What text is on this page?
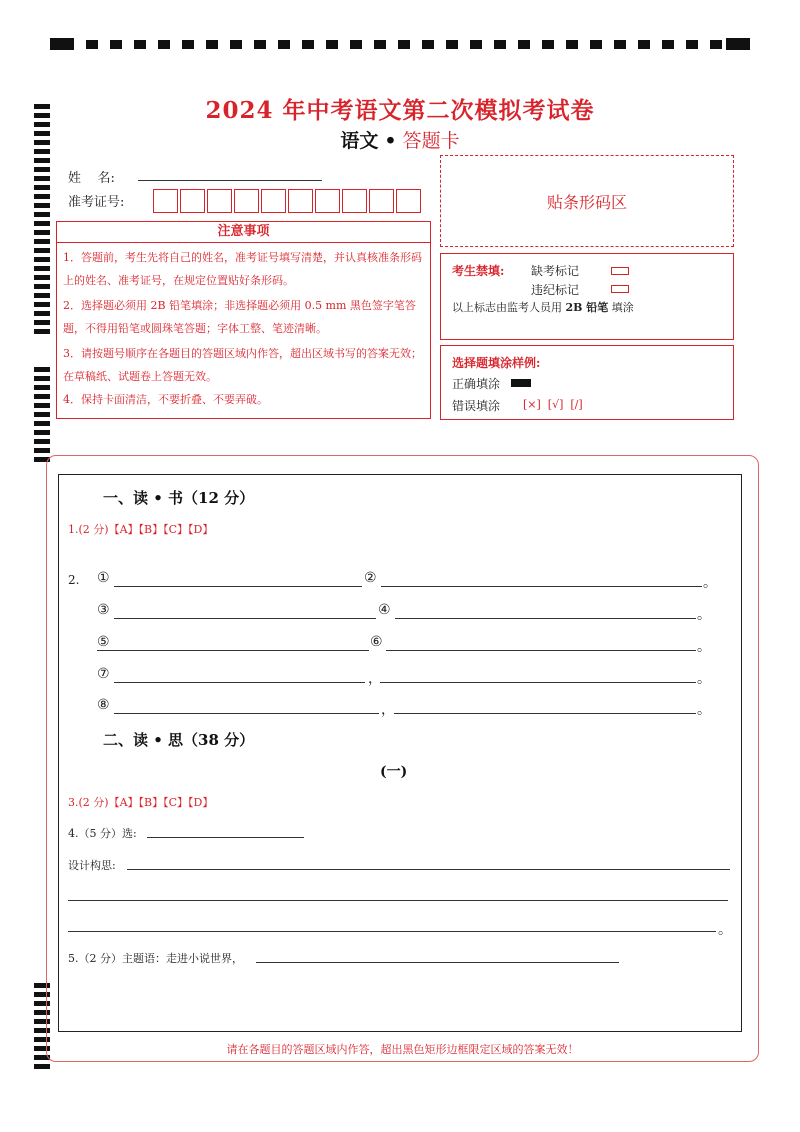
2024 年中考语文第二次模拟考试卷
语文 • 答题卡
姓    名:
准考证号:	贴条形码区
注意事项
1．答题前，考生先将自己的姓名，准考证号填写清楚，并认真核准条形码上的姓名、准考证号，在规定位置贴好条形码。
2．选择题必须用 2B 铅笔填涂；非选择题必须用 0.5 mm 黑色签字笔答题，不得用铅笔或圆珠笔答题；字体工整、笔迹清晰。
3．请按题号顺序在各题目的答题区域内作答，超出区域书写的答案无效；在草稿纸、试题卷上答题无效。
4．保持卡面清洁，不要折叠、不要弄破。
考生禁填: 缺考标记
违纪标记
以上标志由监考人员用 2B 铅笔 填涂
选择题填涂样例:
正确填涂
错误填涂 [×]  [√]  [/]
一、读 • 书（12 分）
1.(2 分)【A】【B】【C】【D】
2. ①	②	。
③	④	。
⑤	⑥	。
⑦	，	。
⑧	，	。
二、读 • 思（38 分）
(一)
3.(2 分)【A】【B】【C】【D】
4.（5 分）选:
设计构思:
。
5.（2 分）主题语：走进小说世界，
请在各题目的答题区域内作答，超出黑色矩形边框限定区域的答案无效！
